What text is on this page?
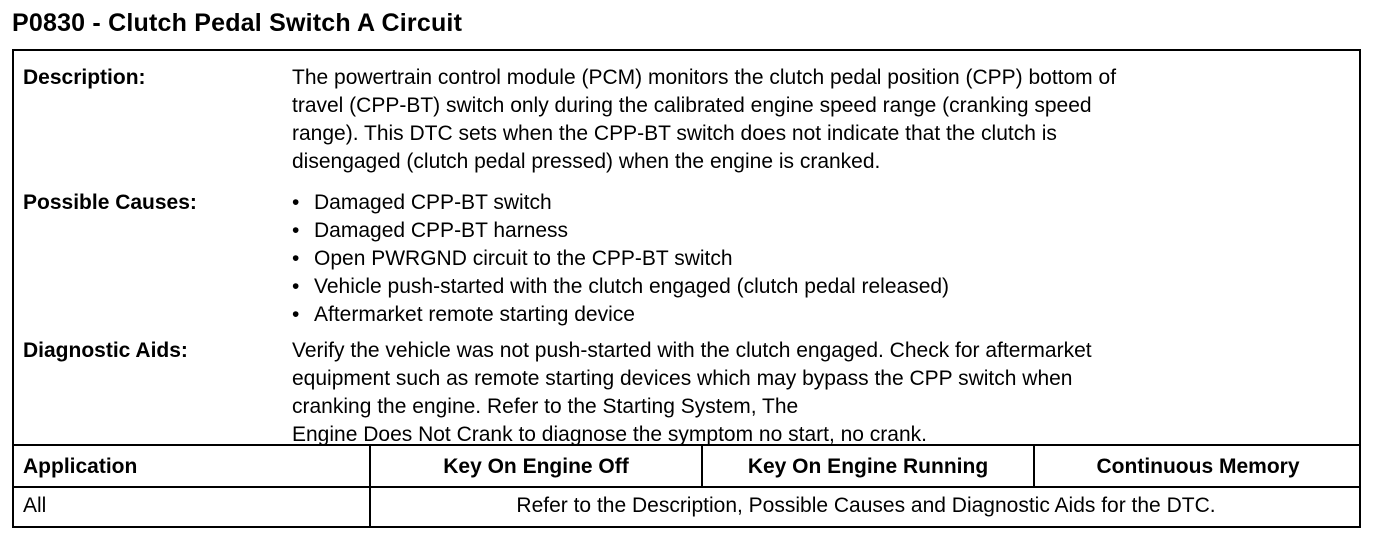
P0830 - Clutch Pedal Switch A Circuit
Description:	The powertrain control module (PCM) monitors the clutch pedal position (CPP) bottom of
travel (CPP-BT) switch only during the calibrated engine speed range (cranking speed
range). This DTC sets when the CPP-BT switch does not indicate that the clutch is
disengaged (clutch pedal pressed) when the engine is cranked.
Possible Causes:	• Damaged CPP-BT switch
• Damaged CPP-BT harness
• Open PWRGND circuit to the CPP-BT switch
• Vehicle push-started with the clutch engaged (clutch pedal released)
• Aftermarket remote starting device
Diagnostic Aids:	Verify the vehicle was not push-started with the clutch engaged. Check for aftermarket
equipment such as remote starting devices which may bypass the CPP switch when
cranking the engine. Refer to the Starting System, The
Engine Does Not Crank to diagnose the symptom no start, no crank.
Application	Key On Engine Off	Key On Engine Running	Continuous Memory
All	Refer to the Description, Possible Causes and Diagnostic Aids for the DTC.
